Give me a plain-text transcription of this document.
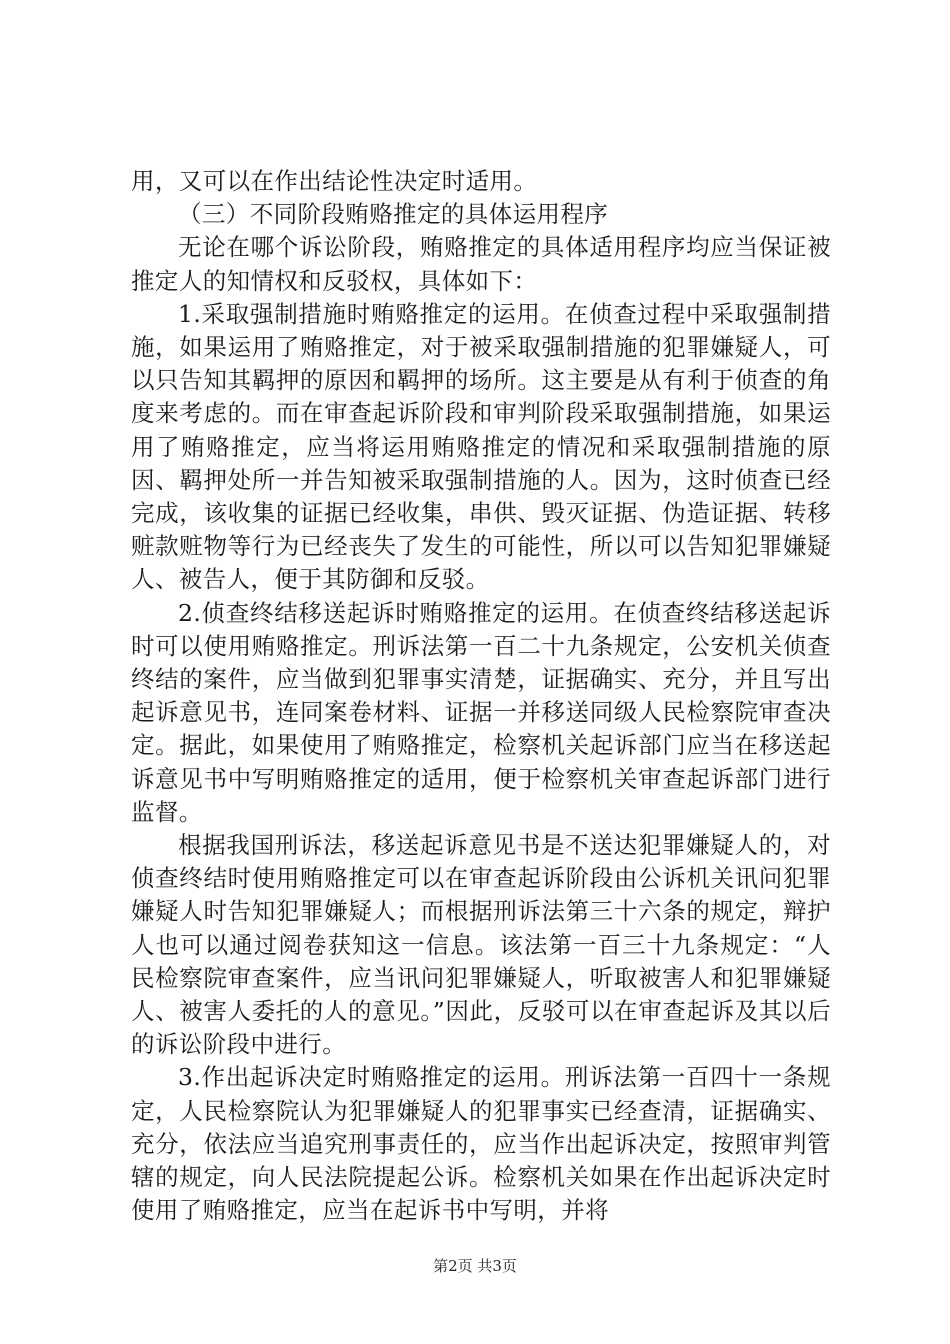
用，又可以在作出结论性决定时适用。

（三）不同阶段贿赂推定的具体运用程序

无论在哪个诉讼阶段，贿赂推定的具体适用程序均应当保证被推定人的知情权和反驳权，具体如下：

1.采取强制措施时贿赂推定的运用。在侦查过程中采取强制措施，如果运用了贿赂推定，对于被采取强制措施的犯罪嫌疑人，可以只告知其羁押的原因和羁押的场所。这主要是从有利于侦查的角度来考虑的。而在审查起诉阶段和审判阶段采取强制措施，如果运用了贿赂推定，应当将运用贿赂推定的情况和采取强制措施的原因、羁押处所一并告知被采取强制措施的人。因为，这时侦查已经完成，该收集的证据已经收集，串供、毁灭证据、伪造证据、转移赃款赃物等行为已经丧失了发生的可能性，所以可以告知犯罪嫌疑人、被告人，便于其防御和反驳。

2.侦查终结移送起诉时贿赂推定的运用。在侦查终结移送起诉时可以使用贿赂推定。刑诉法第一百二十九条规定，公安机关侦查终结的案件，应当做到犯罪事实清楚，证据确实、充分，并且写出起诉意见书，连同案卷材料、证据一并移送同级人民检察院审查决定。据此，如果使用了贿赂推定，检察机关起诉部门应当在移送起诉意见书中写明贿赂推定的适用，便于检察机关审查起诉部门进行监督。

根据我国刑诉法，移送起诉意见书是不送达犯罪嫌疑人的，对侦查终结时使用贿赂推定可以在审查起诉阶段由公诉机关讯问犯罪嫌疑人时告知犯罪嫌疑人；而根据刑诉法第三十六条的规定，辩护人也可以通过阅卷获知这一信息。该法第一百三十九条规定：“人民检察院审查案件，应当讯问犯罪嫌疑人，听取被害人和犯罪嫌疑人、被害人委托的人的意见。”因此，反驳可以在审查起诉及其以后的诉讼阶段中进行。

3.作出起诉决定时贿赂推定的运用。刑诉法第一百四十一条规定，人民检察院认为犯罪嫌疑人的犯罪事实已经查清，证据确实、充分，依法应当追究刑事责任的，应当作出起诉决定，按照审判管辖的规定，向人民法院提起公诉。检察机关如果在作出起诉决定时使用了贿赂推定，应当在起诉书中写明，并将

第2页 共3页
